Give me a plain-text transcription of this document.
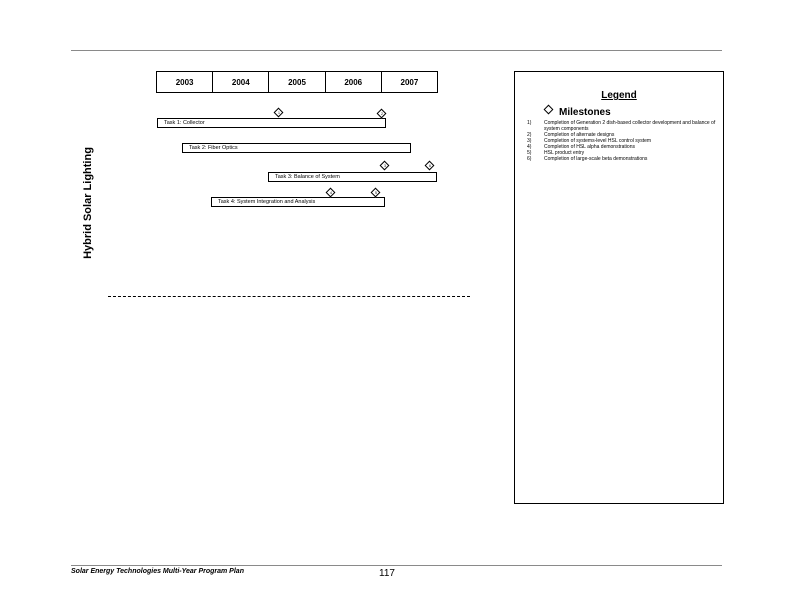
Hybrid Solar Lighting
2003	2004	2005	2006	2007
Task 1: Collector
Task 2: Fiber Optics
Task 3: Balance of System
Task 4: System Integration and Analysis
1	2
3	6
4	5
Legend
Milestones
1)	Completion of Generation 2 dish-based collector development and balance of system components
2)	Completion of alternate designs
3)	Completion of systems-level HSL control system
4)	Completion of HSL alpha demonstrations
5)	HSL product entry
6)	Completion of large-scale beta demonstrations
Solar Energy Technologies Multi-Year Program Plan	117
